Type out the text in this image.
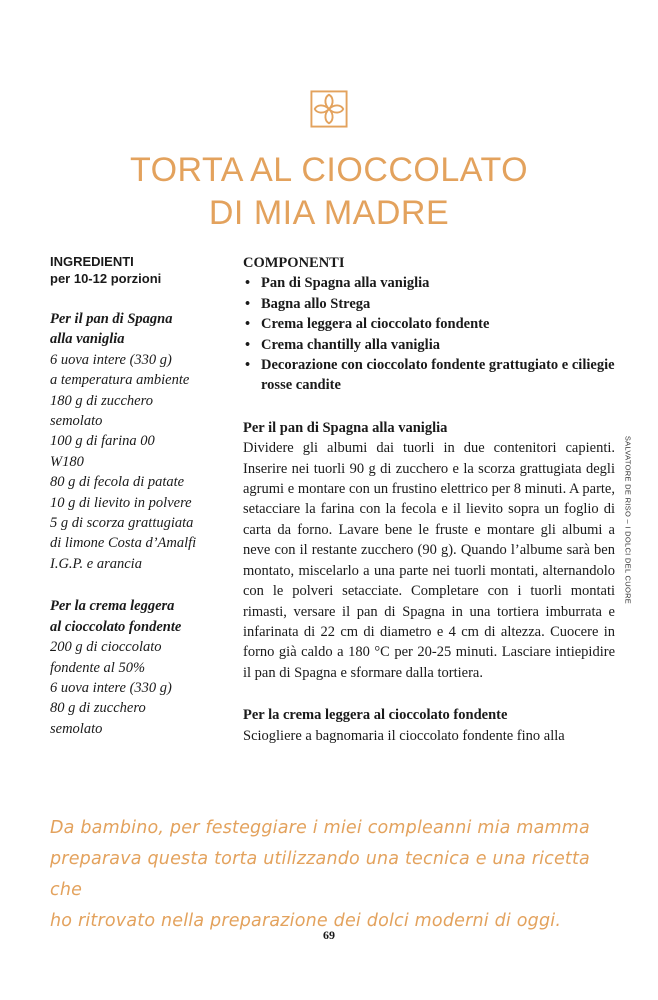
TORTA AL CIOCCOLATO
DI MIA MADRE
INGREDIENTI
per 10-12 porzioni
Per il pan di Spagna
alla vaniglia
6 uova intere (330 g)
a temperatura ambiente
180 g di zucchero
semolato
100 g di farina 00
W180
80 g di fecola di patate
10 g di lievito in polvere
5 g di scorza grattugiata
di limone Costa d’Amalfi
I.G.P. e arancia
Per la crema leggera
al cioccolato fondente
200 g di cioccolato
fondente al 50%
6 uova intere (330 g)
80 g di zucchero
semolato
COMPONENTI
• Pan di Spagna alla vaniglia
• Bagna allo Strega
• Crema leggera al cioccolato fondente
• Crema chantilly alla vaniglia
• Decorazione con cioccolato fondente grattugiato e ciliegie rosse candite
Per il pan di Spagna alla vaniglia

Dividere gli albumi dai tuorli in due contenitori capienti. Inserire nei tuorli 90 g di zucchero e la scorza grattugiata degli agrumi e montare con un frustino elettrico per 8 minuti. A parte, setacciare la farina con la fecola e il lievito sopra un foglio di carta da forno. Lavare bene le fruste e montare gli albumi a neve con il restante zucchero (90 g). Quando l’albume sarà ben montato, miscelarlo a una parte nei tuorli montati, alternandolo con le polveri setacciate. Completare con i tuorli montati rimasti, versare il pan di Spagna in una tortiera imburrata e infarinata di 22 cm di diametro e 4 cm di altezza. Cuocere in forno già caldo a 180 °C per 20-25 minuti. Lasciare intiepidire il pan di Spagna e sformare dalla tortiera.

Per la crema leggera al cioccolato fondente

Sciogliere a bagnomaria il cioccolato fondente fino alla

SALVATORE DE RISO – I DOLCI DEL CUORE
Da bambino, per festeggiare i miei compleanni mia mamma
preparava questa torta utilizzando una tecnica e una ricetta che
ho ritrovato nella preparazione dei dolci moderni di oggi.
69
